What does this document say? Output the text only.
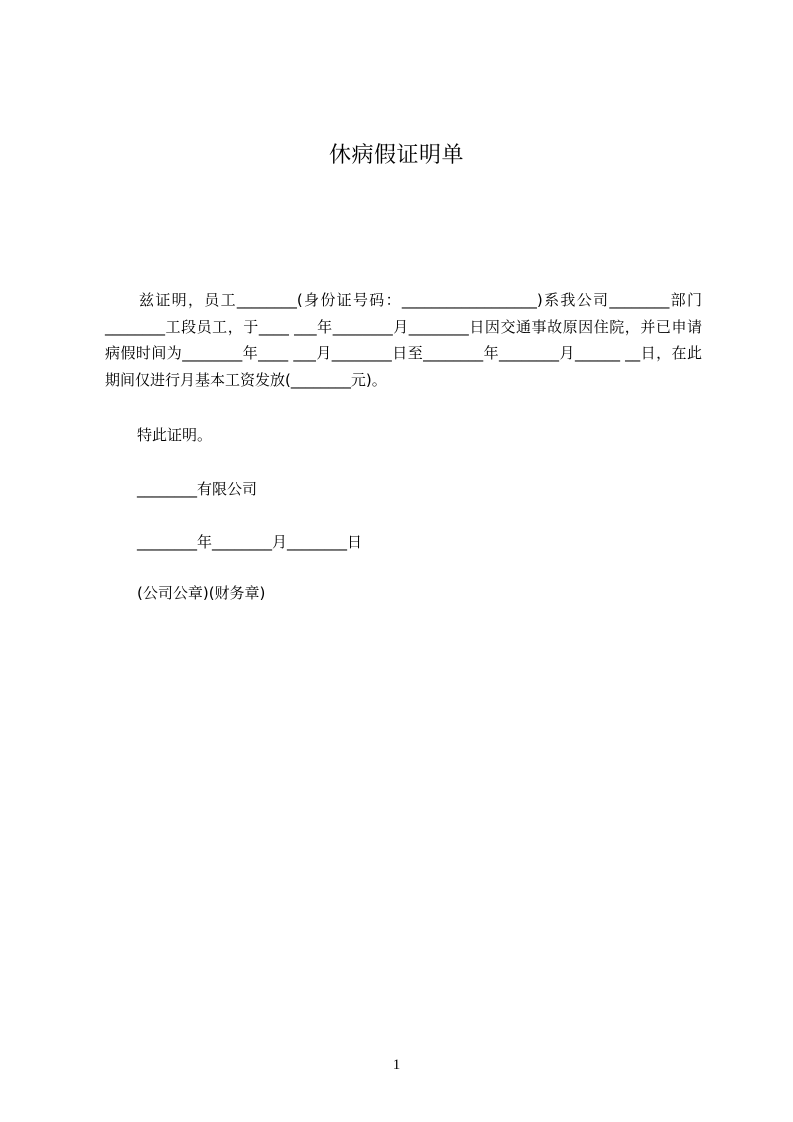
休病假证明单
兹证明，员工________(身份证号码：__________________)系我公司________部门________工段员工，于____ ___年________月________日因交通事故原因住院，并已申请病假时间为________年____ ___月________日至________年________月______ __日，在此期间仅进行月基本工资发放(________元)。
特此证明。
________有限公司
________年________月________日
(公司公章)(财务章)
1
